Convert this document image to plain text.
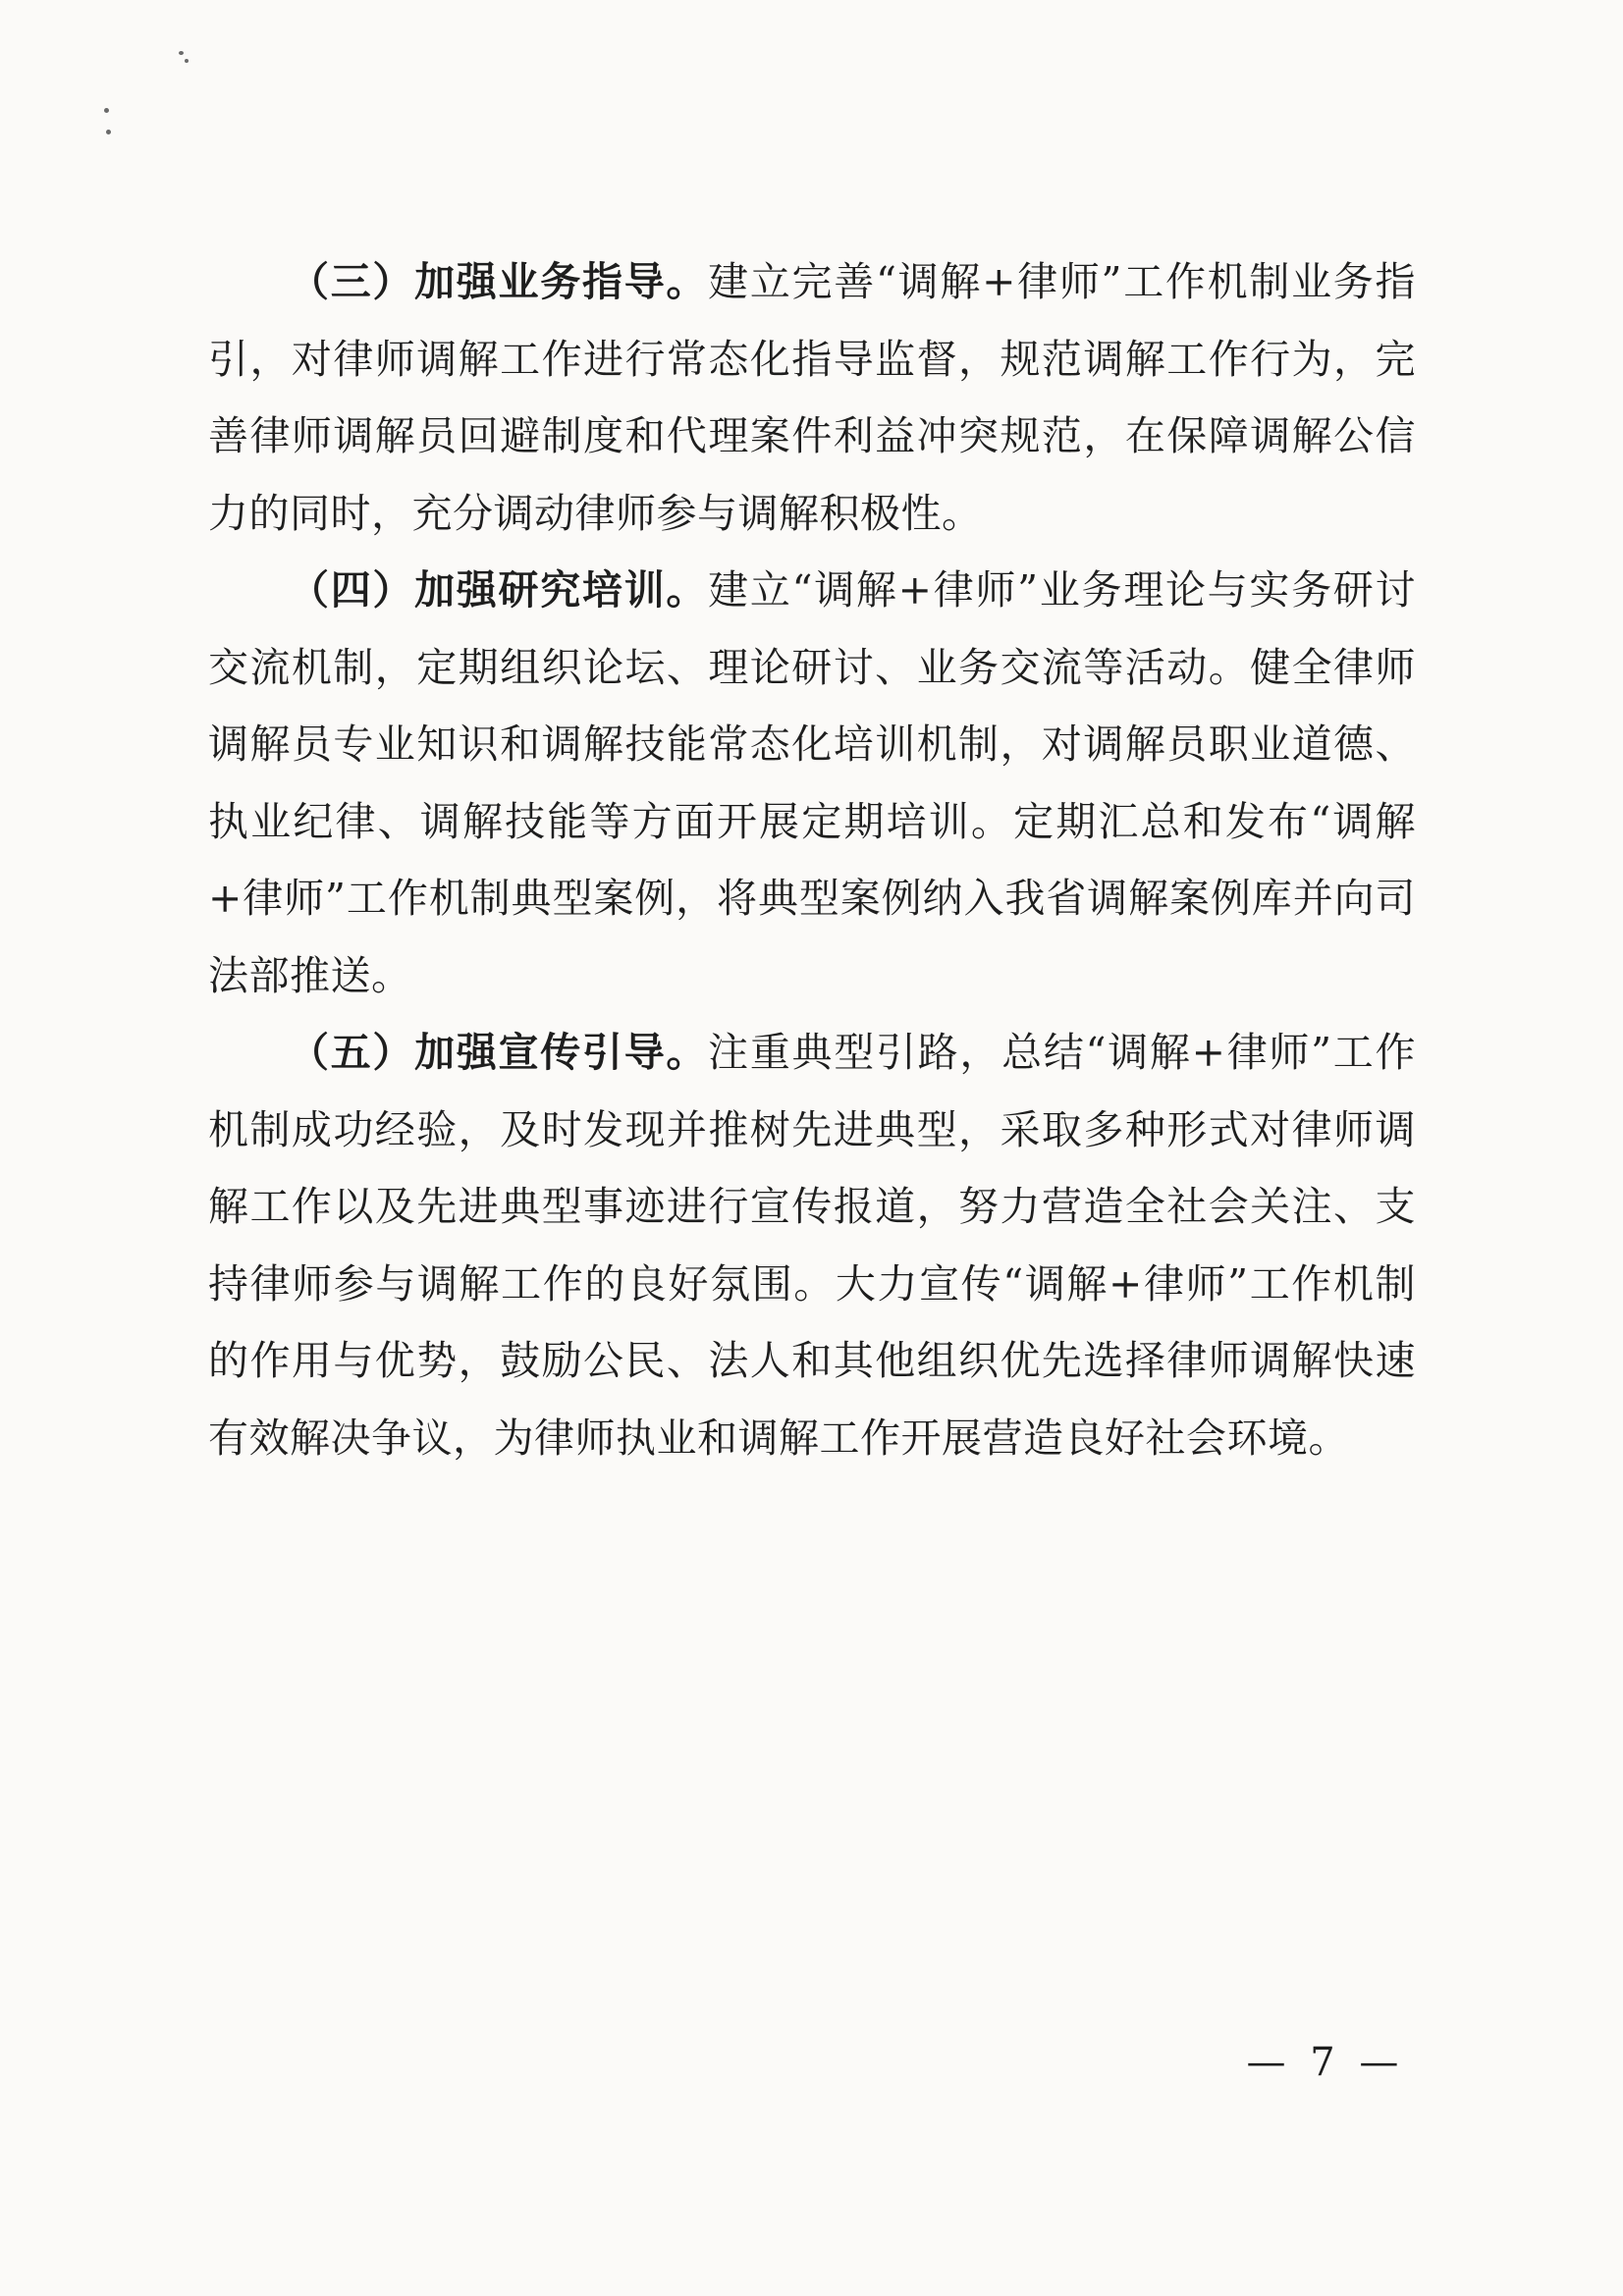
（三）加强业务指导。建立完善“调解+律师”工作机制业务指引，对律师调解工作进行常态化指导监督，规范调解工作行为，完善律师调解员回避制度和代理案件利益冲突规范，在保障调解公信力的同时，充分调动律师参与调解积极性。

（四）加强研究培训。建立“调解+律师”业务理论与实务研讨交流机制，定期组织论坛、理论研讨、业务交流等活动。健全律师调解员专业知识和调解技能常态化培训机制，对调解员职业道德、执业纪律、调解技能等方面开展定期培训。定期汇总和发布“调解+律师”工作机制典型案例，将典型案例纳入我省调解案例库并向司法部推送。

（五）加强宣传引导。注重典型引路，总结“调解+律师”工作机制成功经验，及时发现并推树先进典型，采取多种形式对律师调解工作以及先进典型事迹进行宣传报道，努力营造全社会关注、支持律师参与调解工作的良好氛围。大力宣传“调解+律师”工作机制的作用与优势，鼓励公民、法人和其他组织优先选择律师调解快速有效解决争议，为律师执业和调解工作开展营造良好社会环境。

— 7 —
